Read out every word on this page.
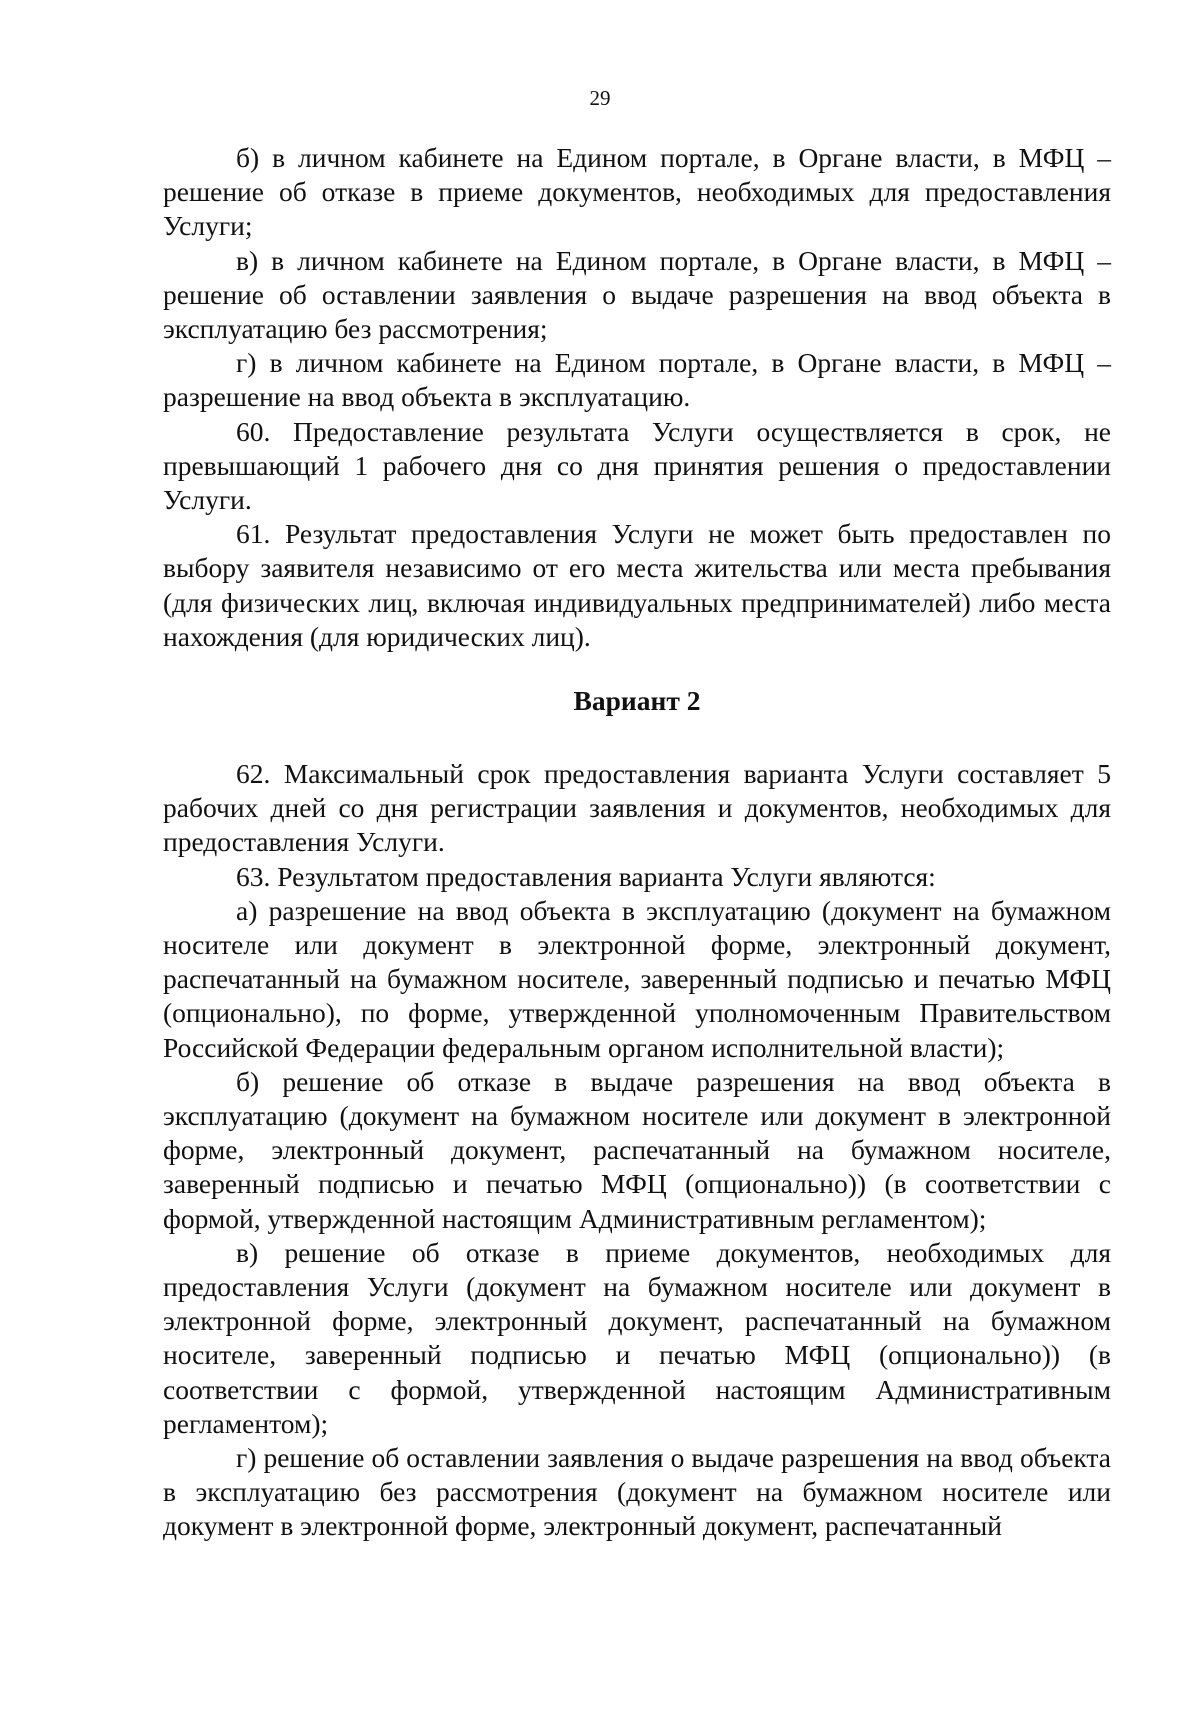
29

б) в личном кабинете на Едином портале, в Органе власти, в МФЦ – решение об отказе в приеме документов, необходимых для предоставления Услуги;

в) в личном кабинете на Едином портале, в Органе власти, в МФЦ – решение об оставлении заявления о выдаче разрешения на ввод объекта в эксплуатацию без рассмотрения;

г) в личном кабинете на Едином портале, в Органе власти, в МФЦ – разрешение на ввод объекта в эксплуатацию.

60. Предоставление результата Услуги осуществляется в срок, не превышающий 1 рабочего дня со дня принятия решения о предоставлении Услуги.

61. Результат предоставления Услуги не может быть предоставлен по выбору заявителя независимо от его места жительства или места пребывания (для физических лиц, включая индивидуальных предпринимателей) либо места нахождения (для юридических лиц).

Вариант 2

62. Максимальный срок предоставления варианта Услуги составляет 5 рабочих дней со дня регистрации заявления и документов, необходимых для предоставления Услуги.

63. Результатом предоставления варианта Услуги являются:

а) разрешение на ввод объекта в эксплуатацию (документ на бумажном носителе или документ в электронной форме, электронный документ, распечатанный на бумажном носителе, заверенный подписью и печатью МФЦ (опционально), по форме, утвержденной уполномоченным Правительством Российской Федерации федеральным органом исполнительной власти);

б) решение об отказе в выдаче разрешения на ввод объекта в эксплуатацию (документ на бумажном носителе или документ в электронной форме, электронный документ, распечатанный на бумажном носителе, заверенный подписью и печатью МФЦ (опционально)) (в соответствии с формой, утвержденной настоящим Административным регламентом);

в) решение об отказе в приеме документов, необходимых для предоставления Услуги (документ на бумажном носителе или документ в электронной форме, электронный документ, распечатанный на бумажном носителе, заверенный подписью и печатью МФЦ (опционально)) (в соответствии с формой, утвержденной настоящим Административным регламентом);

г) решение об оставлении заявления о выдаче разрешения на ввод объекта в эксплуатацию без рассмотрения (документ на бумажном носителе или документ в электронной форме, электронный документ, распечатанный
